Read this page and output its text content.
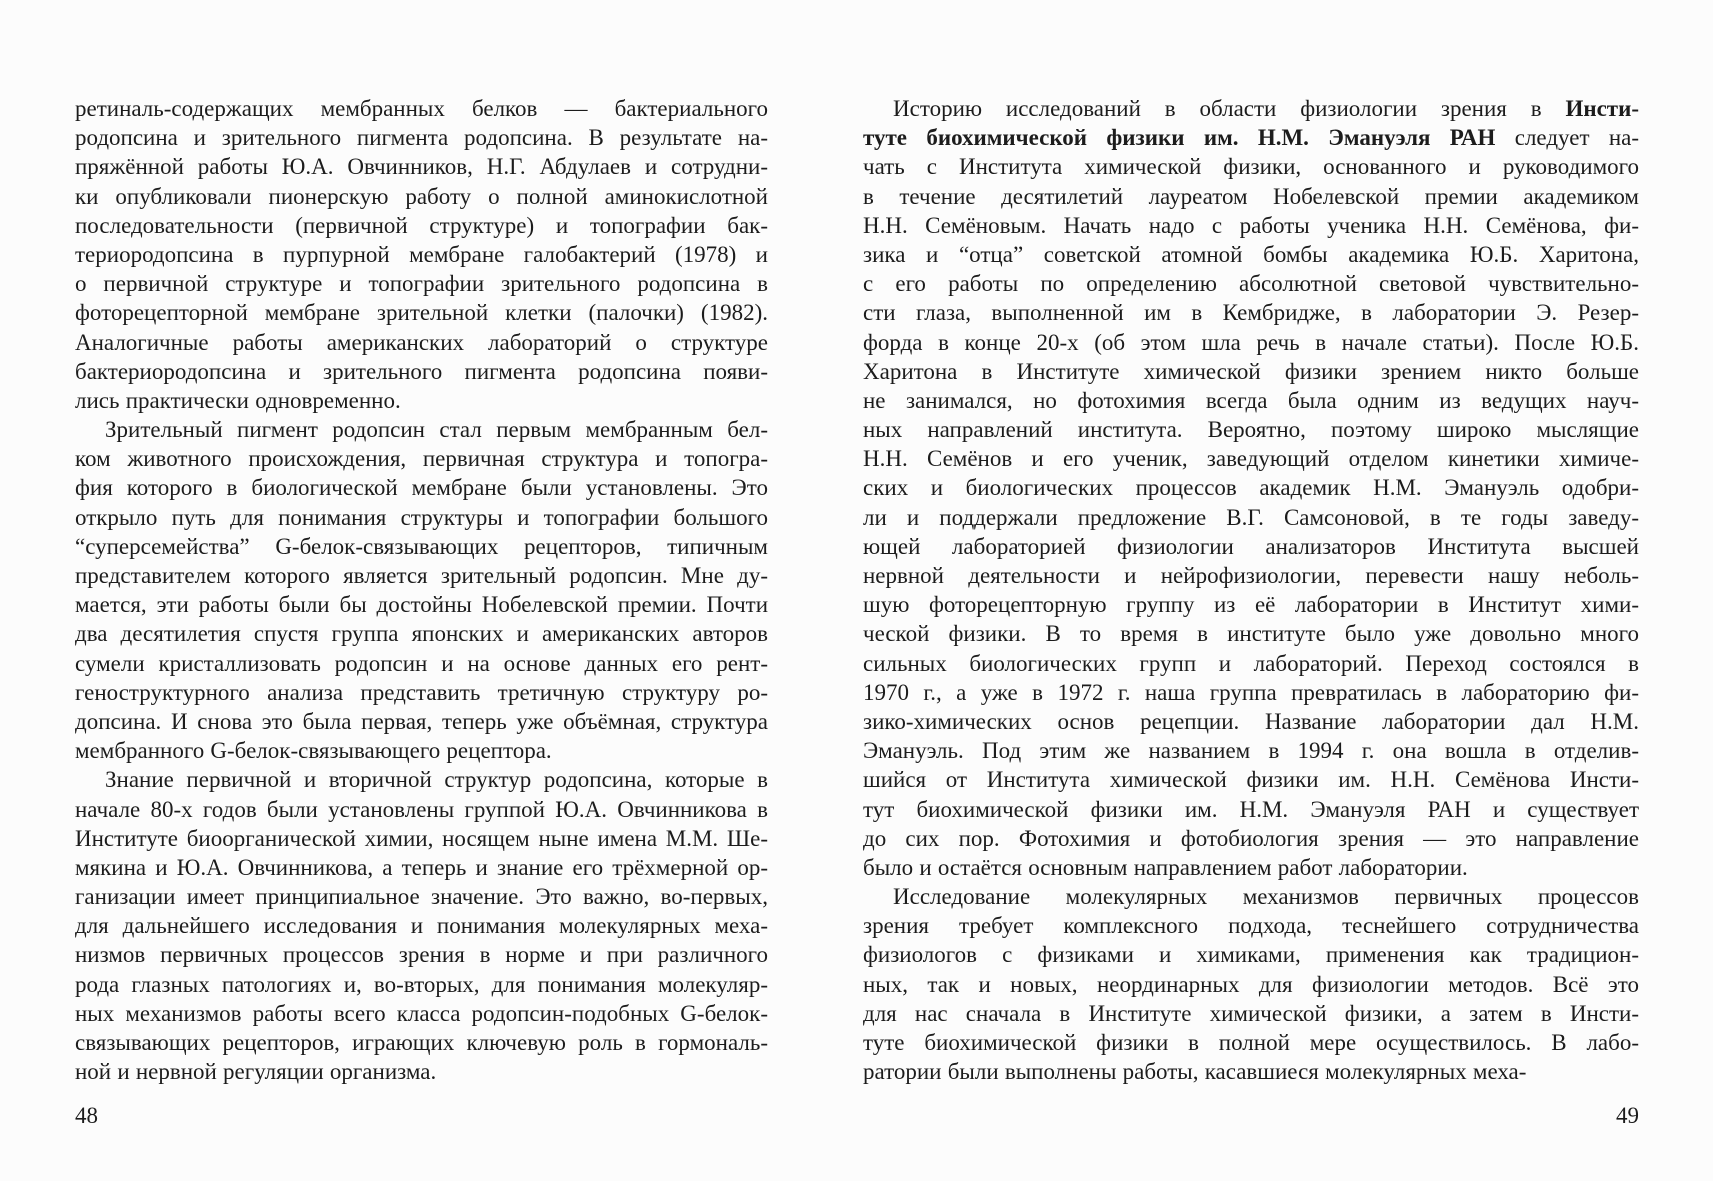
ретиналь-содержащих мембранных белков — бактериального
родопсина и зрительного пигмента родопсина. В результате на-
пряжённой работы Ю.А. Овчинников, Н.Г. Абдулаев и сотрудни-
ки опубликовали пионерскую работу о полной аминокислотной
последовательности (первичной структуре) и топографии бак-
териородопсина в пурпурной мембране галобактерий (1978) и
о первичной структуре и топографии зрительного родопсина в
фоторецепторной мембране зрительной клетки (палочки) (1982).
Аналогичные работы американских лабораторий о структуре
бактериородопсина и зрительного пигмента родопсина появи-
лись практически одновременно.
Зрительный пигмент родопсин стал первым мембранным бел-
ком животного происхождения, первичная структура и топогра-
фия которого в биологической мембране были установлены. Это
открыло путь для понимания структуры и топографии большого
“суперсемейства” G-белок-связывающих рецепторов, типичным
представителем которого является зрительный родопсин. Мне ду-
мается, эти работы были бы достойны Нобелевской премии. Почти
два десятилетия спустя группа японских и американских авторов
сумели кристаллизовать родопсин и на основе данных его рент-
геноструктурного анализа представить третичную структуру ро-
допсина. И снова это была первая, теперь уже объёмная, структура
мембранного G-белок-связывающего рецептора.
Знание первичной и вторичной структур родопсина, которые в
начале 80-х годов были установлены группой Ю.А. Овчинникова в
Институте биоорганической химии, носящем ныне имена М.М. Ше-
мякина и Ю.А. Овчинникова, а теперь и знание его трёхмерной ор-
ганизации имеет принципиальное значение. Это важно, во-первых,
для дальнейшего исследования и понимания молекулярных меха-
низмов первичных процессов зрения в норме и при различного
рода глазных патологиях и, во-вторых, для понимания молекуляр-
ных механизмов работы всего класса родопсин-подобных G-белок-
связывающих рецепторов, играющих ключевую роль в гормональ-
ной и нервной регуляции организма.
Историю исследований в области физиологии зрения в Инсти-
туте биохимической физики им. Н.М. Эмануэля РАН следует на-
чать с Института химической физики, основанного и руководимого
в течение десятилетий лауреатом Нобелевской премии академиком
Н.Н. Семёновым. Начать надо с работы ученика Н.Н. Семёнова, фи-
зика и “отца” советской атомной бомбы академика Ю.Б. Харитона,
с его работы по определению абсолютной световой чувствительно-
сти глаза, выполненной им в Кембридже, в лаборатории Э. Резер-
форда в конце 20-х (об этом шла речь в начале статьи). После Ю.Б.
Харитона в Институте химической физики зрением никто больше
не занимался, но фотохимия всегда была одним из ведущих науч-
ных направлений института. Вероятно, поэтому широко мыслящие
Н.Н. Семёнов и его ученик, заведующий отделом кинетики химиче-
ских и биологических процессов академик Н.М. Эмануэль одобри-
ли и поддержали предложение В.Г. Самсоновой, в те годы заведу-
ющей лабораторией физиологии анализаторов Института высшей
нервной деятельности и нейрофизиологии, перевести нашу неболь-
шую фоторецепторную группу из её лаборатории в Институт хими-
ческой физики. В то время в институте было уже довольно много
сильных биологических групп и лабораторий. Переход состоялся в
1970 г., а уже в 1972 г. наша группа превратилась в лабораторию фи-
зико-химических основ рецепции. Название лаборатории дал Н.М.
Эмануэль. Под этим же названием в 1994 г. она вошла в отделив-
шийся от Института химической физики им. Н.Н. Семёнова Инсти-
тут биохимической физики им. Н.М. Эмануэля РАН и существует
до сих пор. Фотохимия и фотобиология зрения — это направление
было и остаётся основным направлением работ лаборатории.
Исследование молекулярных механизмов первичных процессов
зрения требует комплексного подхода, теснейшего сотрудничества
физиологов с физиками и химиками, применения как традицион-
ных, так и новых, неординарных для физиологии методов. Всё это
для нас сначала в Институте химической физики, а затем в Инсти-
туте биохимической физики в полной мере осуществилось. В лабо-
ратории были выполнены работы, касавшиеся молекулярных меха-
48	49
